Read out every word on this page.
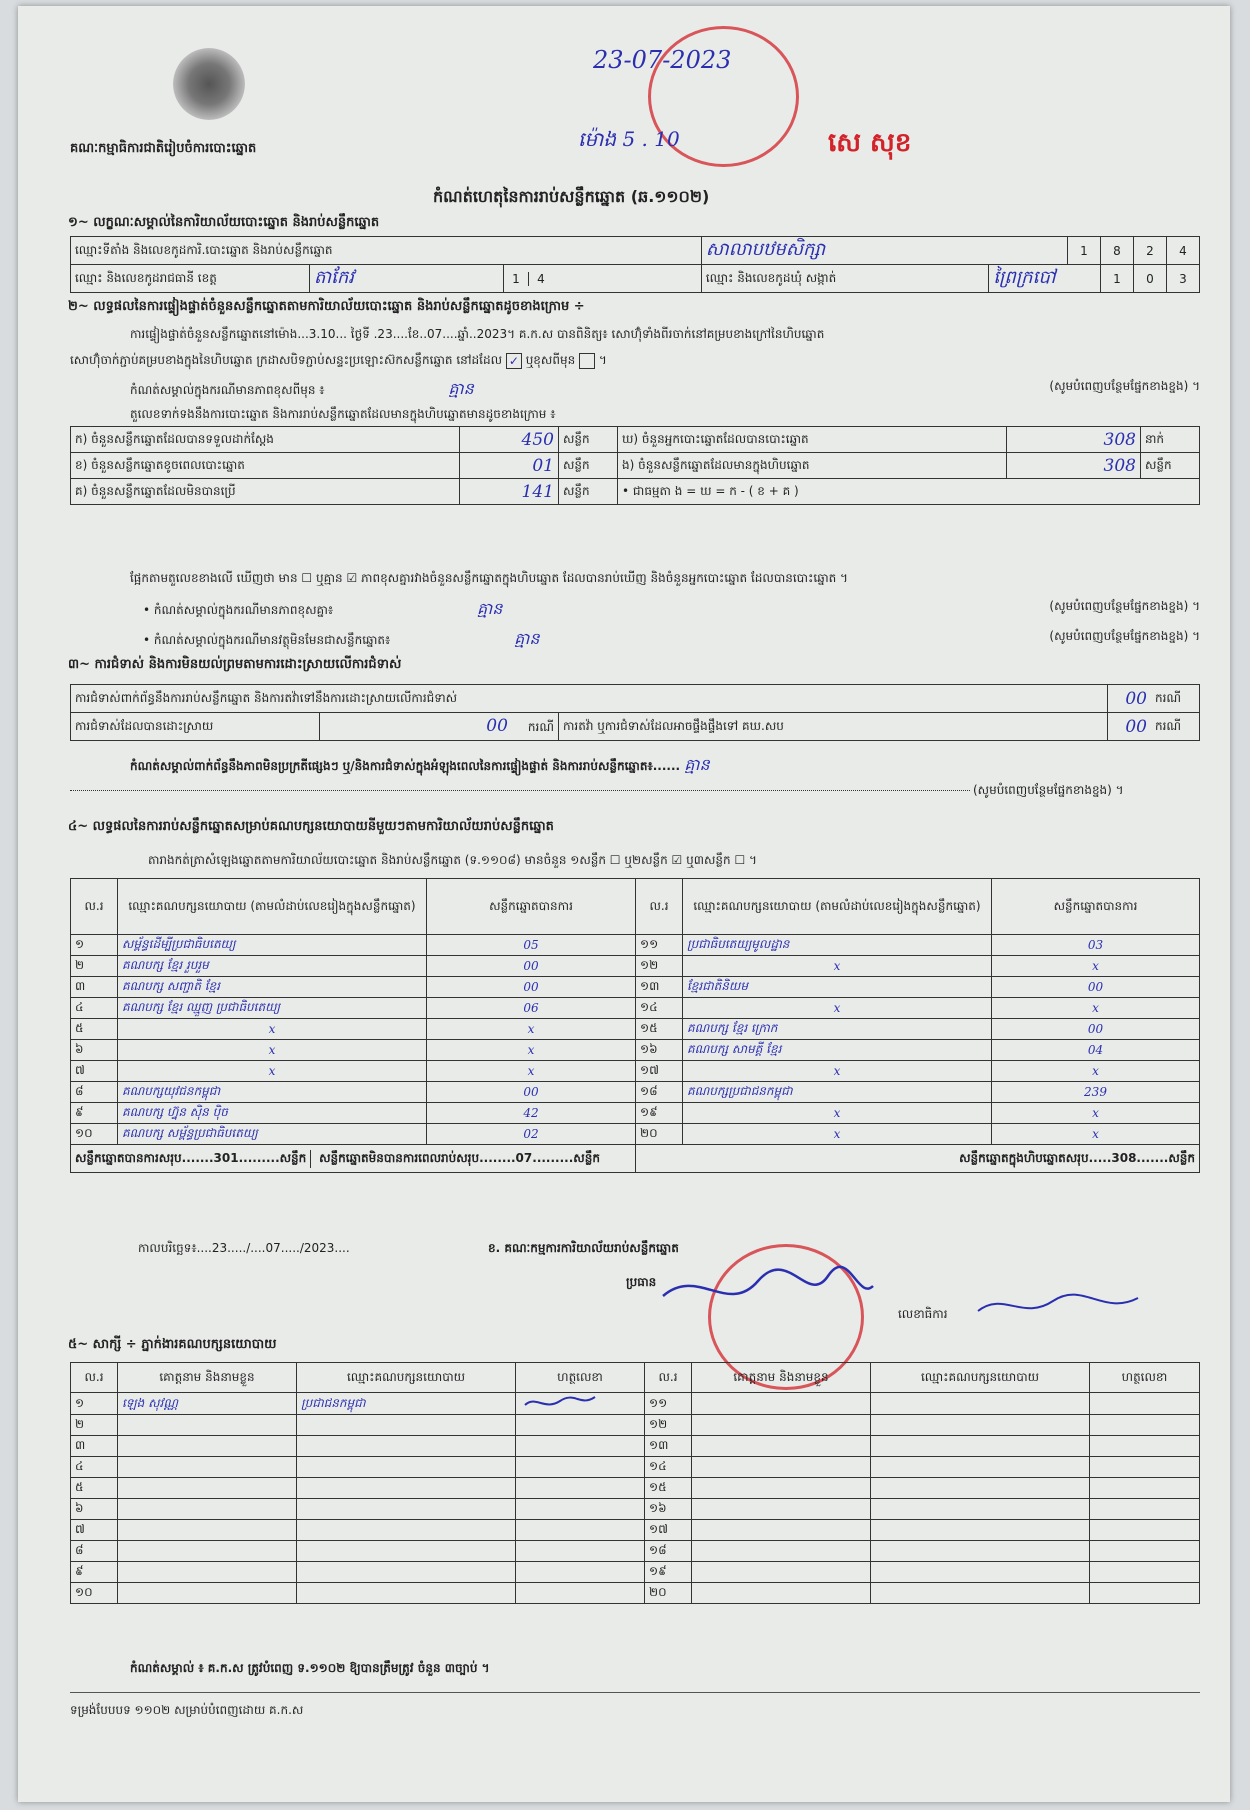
គណៈកម្មាធិការជាតិរៀបចំការបោះឆ្នោត
23-07-2023
ម៉ោង 5 . 10	សេ សុខ
កំណត់ហេតុនៃការរាប់សន្លឹកឆ្នោត (ឆ.១១០២)
១~ លក្ខណៈសម្គាល់នៃការិយាល័យបោះឆ្នោត និងរាប់សន្លឹកឆ្នោត
ឈ្មោះទីតាំង និងលេខកូដការិ.បោះឆ្នោត និងរាប់សន្លឹកឆ្នោត			សាលាបឋមសិក្សា		1	8	2	4
ឈ្មោះ និងលេខកូដរាជធានី ខេត្ត	តាកែវ	1 4	ឈ្មោះ និងលេខកូដឃុំ សង្កាត់	ព្រៃក្របៅ		1	0	3
២~ លទ្ធផលនៃការផ្ទៀងផ្ទាត់ចំនួនសន្លឹកឆ្នោតតាមការិយាល័យបោះឆ្នោត និងរាប់សន្លឹកឆ្នោតដូចខាងក្រោម ÷
ការផ្ទៀងផ្ទាត់ចំនួនសន្លឹកឆ្នោតនៅម៉ោង...3.10... ថ្ងៃទី .23....ខែ..07....ឆ្នាំ..2023។ គ.ក.ស បានពិនិត្យ៖ សោហ៊ុំទាំងពីរចាក់នៅគម្របខាងក្រៅនៃហិបឆ្នោត
សោហ៊ុំចាក់ភ្ជាប់គម្របខាងក្នុងនៃហិបឆ្នោត ក្រដាសបិទភ្ជាប់សន្ទះប្រឡោះស៊កសន្លឹកឆ្នោត នៅដដែល ✓ ឬខុសពីមុន  ។
កំណត់សម្គាល់ក្នុងករណីមានភាពខុសពីមុន ៖	គ្មាន	(សូមបំពេញបន្ថែមផ្នែកខាងខ្នង) ។
តួលេខទាក់ទងនឹងការបោះឆ្នោត និងការរាប់សន្លឹកឆ្នោតដែលមានក្នុងហិបឆ្នោតមានដូចខាងក្រោម ៖
ក) ចំនួនសន្លឹកឆ្នោតដែលបានទទួលដាក់ស្តែង	450	សន្លឹក	ឃ) ចំនួនអ្នកបោះឆ្នោតដែលបានបោះឆ្នោត	308	នាក់
ខ) ចំនួនសន្លឹកឆ្នោតខូចពេលបោះឆ្នោត	01	សន្លឹក	ង) ចំនួនសន្លឹកឆ្នោតដែលមានក្នុងហិបឆ្នោត	308	សន្លឹក
គ) ចំនួនសន្លឹកឆ្នោតដែលមិនបានប្រើ	141	សន្លឹក	• ជាធម្មតា ង = ឃ = ក - ( ខ + គ )		
ផ្អែកតាមតួលេខខាងលើ ឃើញថា មាន ☐ ឬគ្មាន ☑ ភាពខុសគ្នារវាងចំនួនសន្លឹកឆ្នោតក្នុងហិបឆ្នោត ដែលបានរាប់ឃើញ និងចំនួនអ្នកបោះឆ្នោត ដែលបានបោះឆ្នោត ។
• កំណត់សម្គាល់ក្នុងករណីមានភាពខុសគ្នា៖	គ្មាន	(សូមបំពេញបន្ថែមផ្នែកខាងខ្នង) ។
• កំណត់សម្គាល់ក្នុងករណីមានវត្ថុមិនមែនជាសន្លឹកឆ្នោត៖	គ្មាន	(សូមបំពេញបន្ថែមផ្នែកខាងខ្នង) ។
៣~ ការជំទាស់ និងការមិនយល់ព្រមតាមការដោះស្រាយលើការជំទាស់
ការជំទាស់ពាក់ព័ន្ធនឹងការរាប់សន្លឹកឆ្នោត និងការតវ៉ាទៅនឹងការដោះស្រាយលើការជំទាស់			00	ករណី
ការជំទាស់ដែលបានដោះស្រាយ	00 ករណី	ការតវ៉ា ឬការជំទាស់ដែលអាចផ្ទឹងផ្ទឹងទៅ គឃ.សប	00	ករណី
កំណត់សម្គាល់ពាក់ព័ន្ធនឹងភាពមិនប្រក្រតីផ្សេងៗ ឬ/និងការជំទាស់ក្នុងអំឡុងពេលនៃការផ្ទៀងផ្ទាត់ និងការរាប់សន្លឹកឆ្នោត៖...... គ្មាន
(សូមបំពេញបន្ថែមផ្នែកខាងខ្នង) ។
៤~ លទ្ធផលនៃការរាប់សន្លឹកឆ្នោតសម្រាប់គណបក្សនយោបាយនីមួយៗតាមការិយាល័យរាប់សន្លឹកឆ្នោត
តារាងកត់ត្រាសំឡេងឆ្នោតតាមការិយាល័យបោះឆ្នោត និងរាប់សន្លឹកឆ្នោត (ទ.១១០៨) មានចំនួន ១សន្លឹក ☐ ឬ២សន្លឹក ☑ ឬ៣សន្លឹក ☐ ។
ល.រ	ឈ្មោះគណបក្សនយោបាយ (តាមលំដាប់លេខរៀងក្នុងសន្លឹកឆ្នោត)	សន្លឹកឆ្នោតបានការ	ល.រ	ឈ្មោះគណបក្សនយោបាយ (តាមលំដាប់លេខរៀងក្នុងសន្លឹកឆ្នោត)	សន្លឹកឆ្នោតបានការ
១	សម្ព័ន្ធដើម្បីប្រជាធិបតេយ្យ	05	១១	ប្រជាធិបតេយ្យមូលដ្ឋាន	03
២	គណបក្ស ខ្មែរ រួបរួម	00	១២	x	x
៣	គណបក្ស សញ្ជាតិ ខ្មែរ	00	១៣	ខ្មែរជាតិនិយម	00
៤	គណបក្ស ខ្មែរ ឈ្មួញ ប្រជាធិបតេយ្យ	06	១៤	x	x
៥	x	x	១៥	គណបក្ស ខ្មែរ ក្រោក	00
៦	x	x	១៦	គណបក្ស សាមគ្គី ខ្មែរ	04
៧	x	x	១៧	x	x
៨	គណបក្សយុវជនកម្ពុជា	00	១៨	គណបក្សប្រជាជនកម្ពុជា	239
៩	គណបក្ស ហ្វ៊ុន ស៊ិន ប៉ិច	42	១៩	x	x
១០	គណបក្ស សម្ព័ន្ធប្រជាធិបតេយ្យ	02	២០	x	x
សន្លឹកឆ្នោតបានការសរុប.......301.........សន្លឹក សន្លឹកឆ្នោតមិនបានការពេលរាប់សរុប........07.........សន្លឹក			សន្លឹកឆ្នោតក្នុងហិបឆ្នោតសរុប.....308.......សន្លឹក		
កាលបរិច្ឆេទ៖....23...../....07...../2023....	ខ. គណៈកម្មការការិយាល័យរាប់សន្លឹកឆ្នោត
ប្រធាន
លេខាធិការ
៥~ សាក្សី ÷ ភ្នាក់ងារគណបក្សនយោបាយ
ល.រ	គោត្តនាម និងនាមខ្លួន	ឈ្មោះគណបក្សនយោបាយ	ហត្ថលេខា	ល.រ	គោត្តនាម និងនាមខ្លួន	ឈ្មោះគណបក្សនយោបាយ	ហត្ថលេខា
១	ឡេង សុវណ្ណ	ប្រជាជនកម្ពុជា		១១			
២				១២			
៣				១៣			
៤				១៤			
៥				១៥			
៦				១៦			
៧				១៧			
៨				១៨			
៩				១៩			
១០				២០			
កំណត់សម្គាល់ ៖ គ.ក.ស ត្រូវបំពេញ ទ.១១០២ ឱ្យបានត្រឹមត្រូវ ចំនួន ៣ច្បាប់ ។
ទម្រង់បែបបទ ១១០២ សម្រាប់បំពេញដោយ គ.ក.ស
